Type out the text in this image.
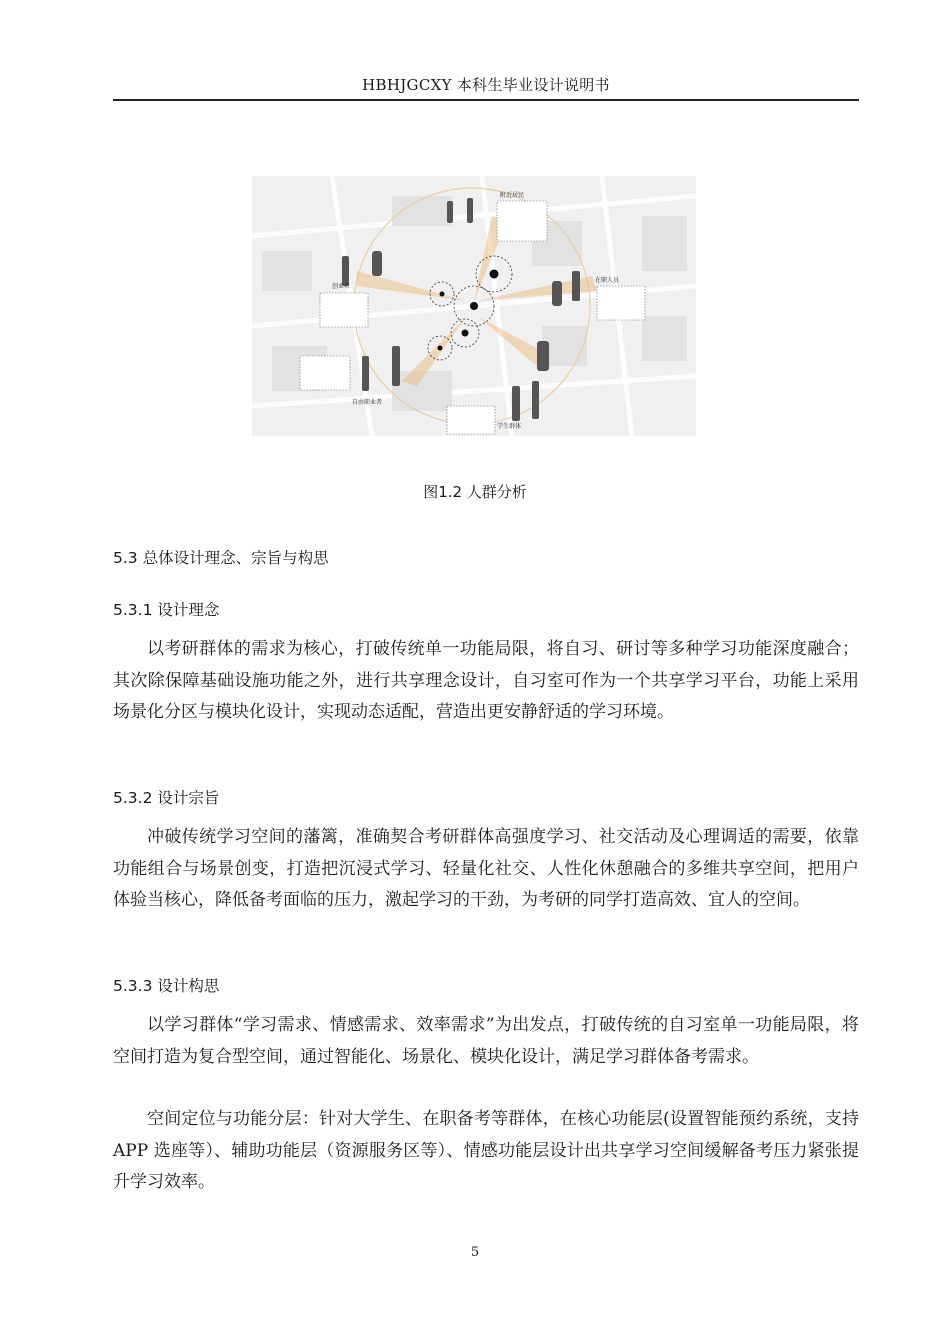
HBHJGCXY 本科生毕业设计说明书
附近居民
创业者
在职人员
自由职业者
学生群体
图1.2 人群分析
5.3 总体设计理念、宗旨与构思
5.3.1 设计理念

以考研群体的需求为核心，打破传统单一功能局限，将自习、研讨等多种学习功能深度融合；其次除保障基础设施功能之外，进行共享理念设计，自习室可作为一个共享学习平台，功能上采用场景化分区与模块化设计，实现动态适配，营造出更安静舒适的学习环境。

5.3.2 设计宗旨

冲破传统学习空间的藩篱，准确契合考研群体高强度学习、社交活动及心理调适的需要，依靠功能组合与场景创变，打造把沉浸式学习、轻量化社交、人性化休憩融合的多维共享空间，把用户体验当核心，降低备考面临的压力，激起学习的干劲，为考研的同学打造高效、宜人的空间。

5.3.3 设计构思

以学习群体“学习需求、情感需求、效率需求”为出发点，打破传统的自习室单一功能局限，将空间打造为复合型空间，通过智能化、场景化、模块化设计，满足学习群体备考需求。

空间定位与功能分层：针对大学生、在职备考等群体，在核心功能层(设置智能预约系统，支持 APP 选座等）、辅助功能层（资源服务区等）、情感功能层设计出共享学习空间缓解备考压力紧张提升学习效率。

5
